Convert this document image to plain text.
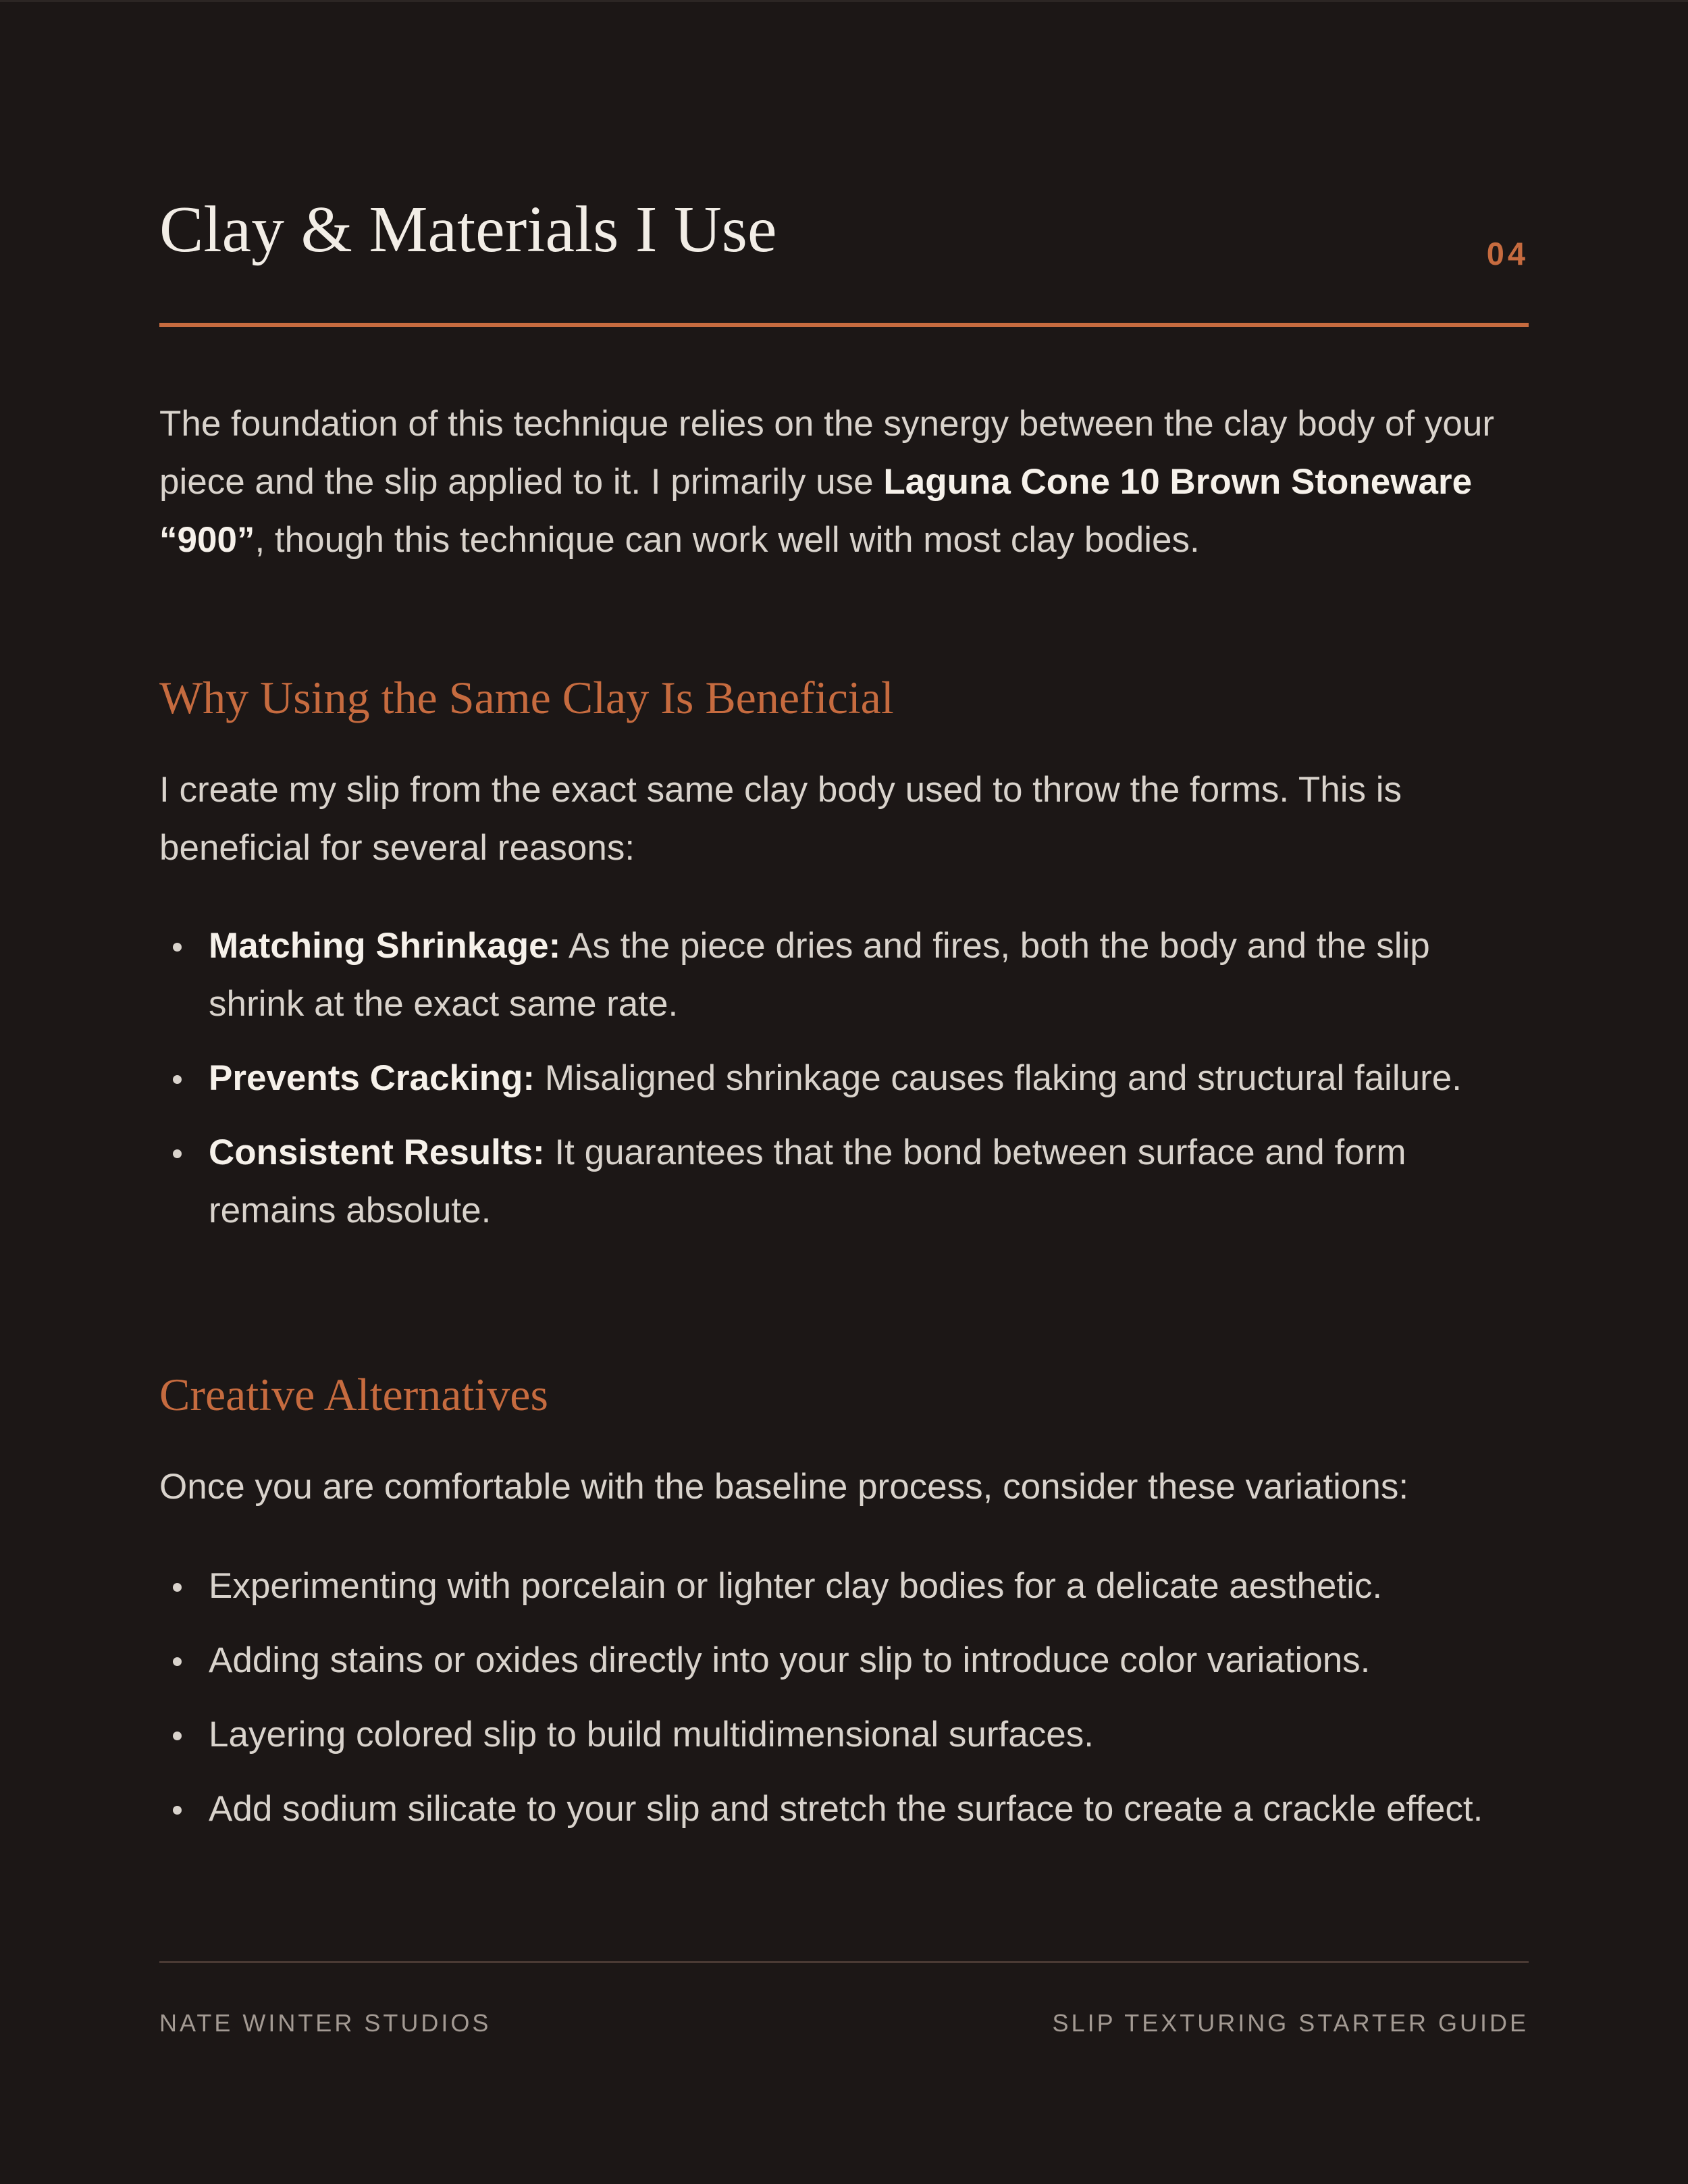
Clay & Materials I Use	04

The foundation of this technique relies on the synergy between the clay body of your piece and the slip applied to it. I primarily use Laguna Cone 10 Brown Stoneware “900”, though this technique can work well with most clay bodies.

Why Using the Same Clay Is Beneficial

I create my slip from the exact same clay body used to throw the forms. This is beneficial for several reasons:

Matching Shrinkage: As the piece dries and fires, both the body and the slip shrink at the exact same rate.
Prevents Cracking: Misaligned shrinkage causes flaking and structural failure.
Consistent Results: It guarantees that the bond between surface and form remains absolute.
Creative Alternatives

Once you are comfortable with the baseline process, consider these variations:

Experimenting with porcelain or lighter clay bodies for a delicate aesthetic.
Adding stains or oxides directly into your slip to introduce color variations.
Layering colored slip to build multidimensional surfaces.
Add sodium silicate to your slip and stretch the surface to create a crackle effect.
NATE WINTER STUDIOS	SLIP TEXTURING STARTER GUIDE
